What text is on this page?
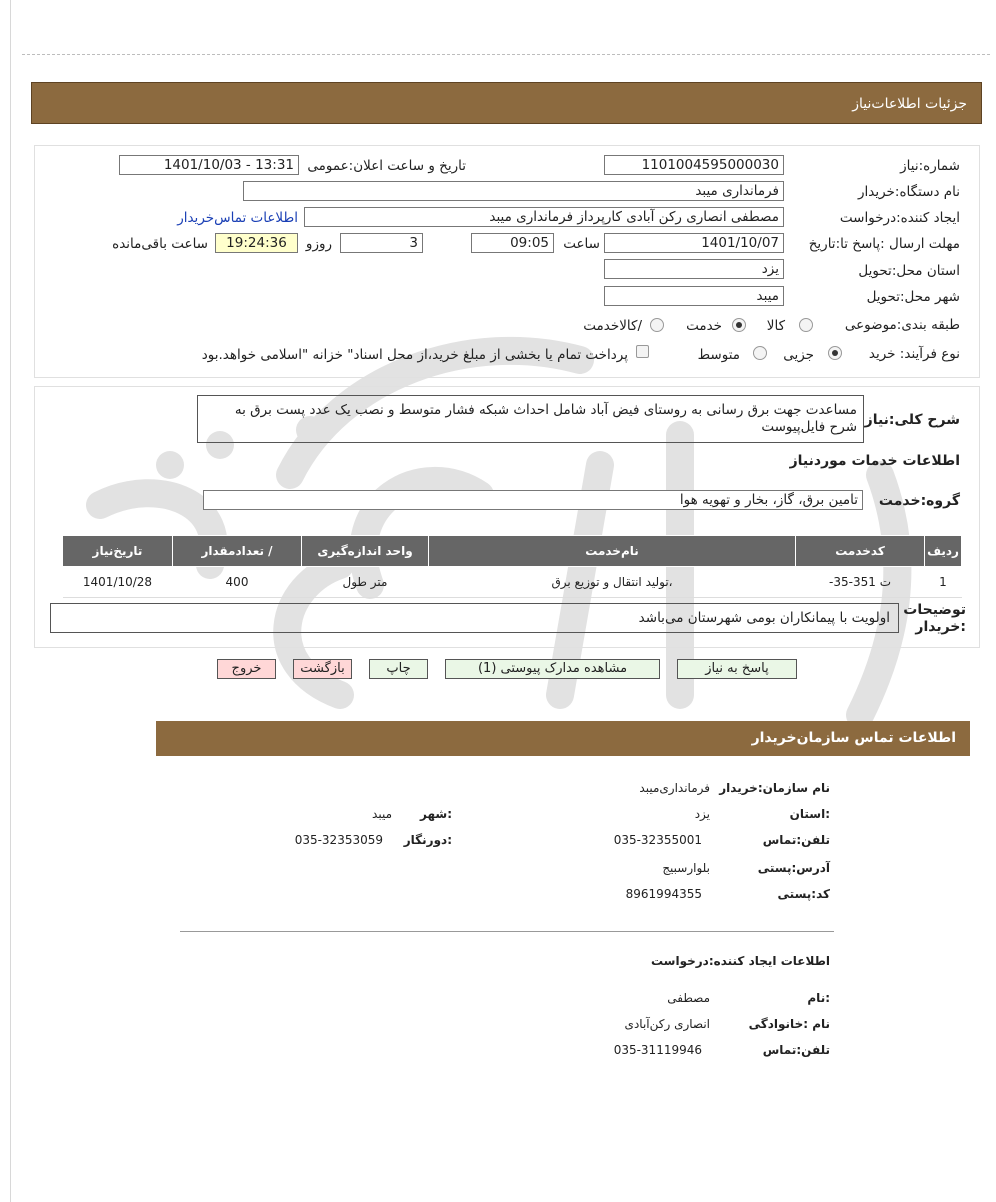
جزئیات اطلاعات‌نیاز
شماره:نیاز
1101004595000030
تاریخ و ساعت اعلان:عمومی
1401/10/03 - 13:31
نام دستگاه:خریدار
فرمانداری میبد
ایجاد کننده:درخواست
مصطفی انصاری رکن آبادی کارپرداز فرمانداری میبد
اطلاعات تماس‌خریدار
مهلت ارسال :پاسخ تا:تاریخ
1401/10/07
ساعت
09:05
3
روزو
19:24:36
ساعت باقی‌مانده
استان محل:تحویل
یزد
شهر محل:تحویل
میبد
طبقه بندی:موضوعی
کالا
خدمت
/کالاخدمت
نوع فرآیند: خرید
جزیی
متوسط
پرداخت تمام یا بخشی از مبلغ خرید،از محل اسناد" خزانه "اسلامی خواهد.بود
شرح کلی:نیاز
مساعدت جهت برق رسانی به روستای فیض آباد شامل احداث شبکه فشار متوسط و نصب یک عدد پست برق به شرح فایل‌پیوست
اطلاعات خدمات موردنیاز
گروه:خدمت
تامین برق، گاز، بخار و تهویه هوا
ردیف	کدخدمت	نام‌خدمت	واحد اندازه‌گیری	/ تعدادمقدار	تاریخ‌نیاز
1	ت 351-35-	،تولید انتقال و توزیع برق	متر طول	400	1401/10/28
توضیحات :خریدار
اولویت با پیمانکاران بومی شهرستان می‌باشد
پاسخ به نیاز
مشاهده مدارک پیوستی (1)
چاپ
بازگشت
خروج
اطلاعات تماس سازمان‌خریدار
نام سازمان:خریدار
فرمانداری‌میبد
:استان
یزد
:شهر
میبد
تلفن:تماس
035-32355001
:دورنگار
035-32353059
آدرس:پستی
بلوارسبیج
کد:پستی
8961994355
اطلاعات ایجاد کننده:درخواست
:نام
مصطفی
نام :خانوادگی
انصاری رکن‌آبادی
تلفن:تماس
035-31119946
